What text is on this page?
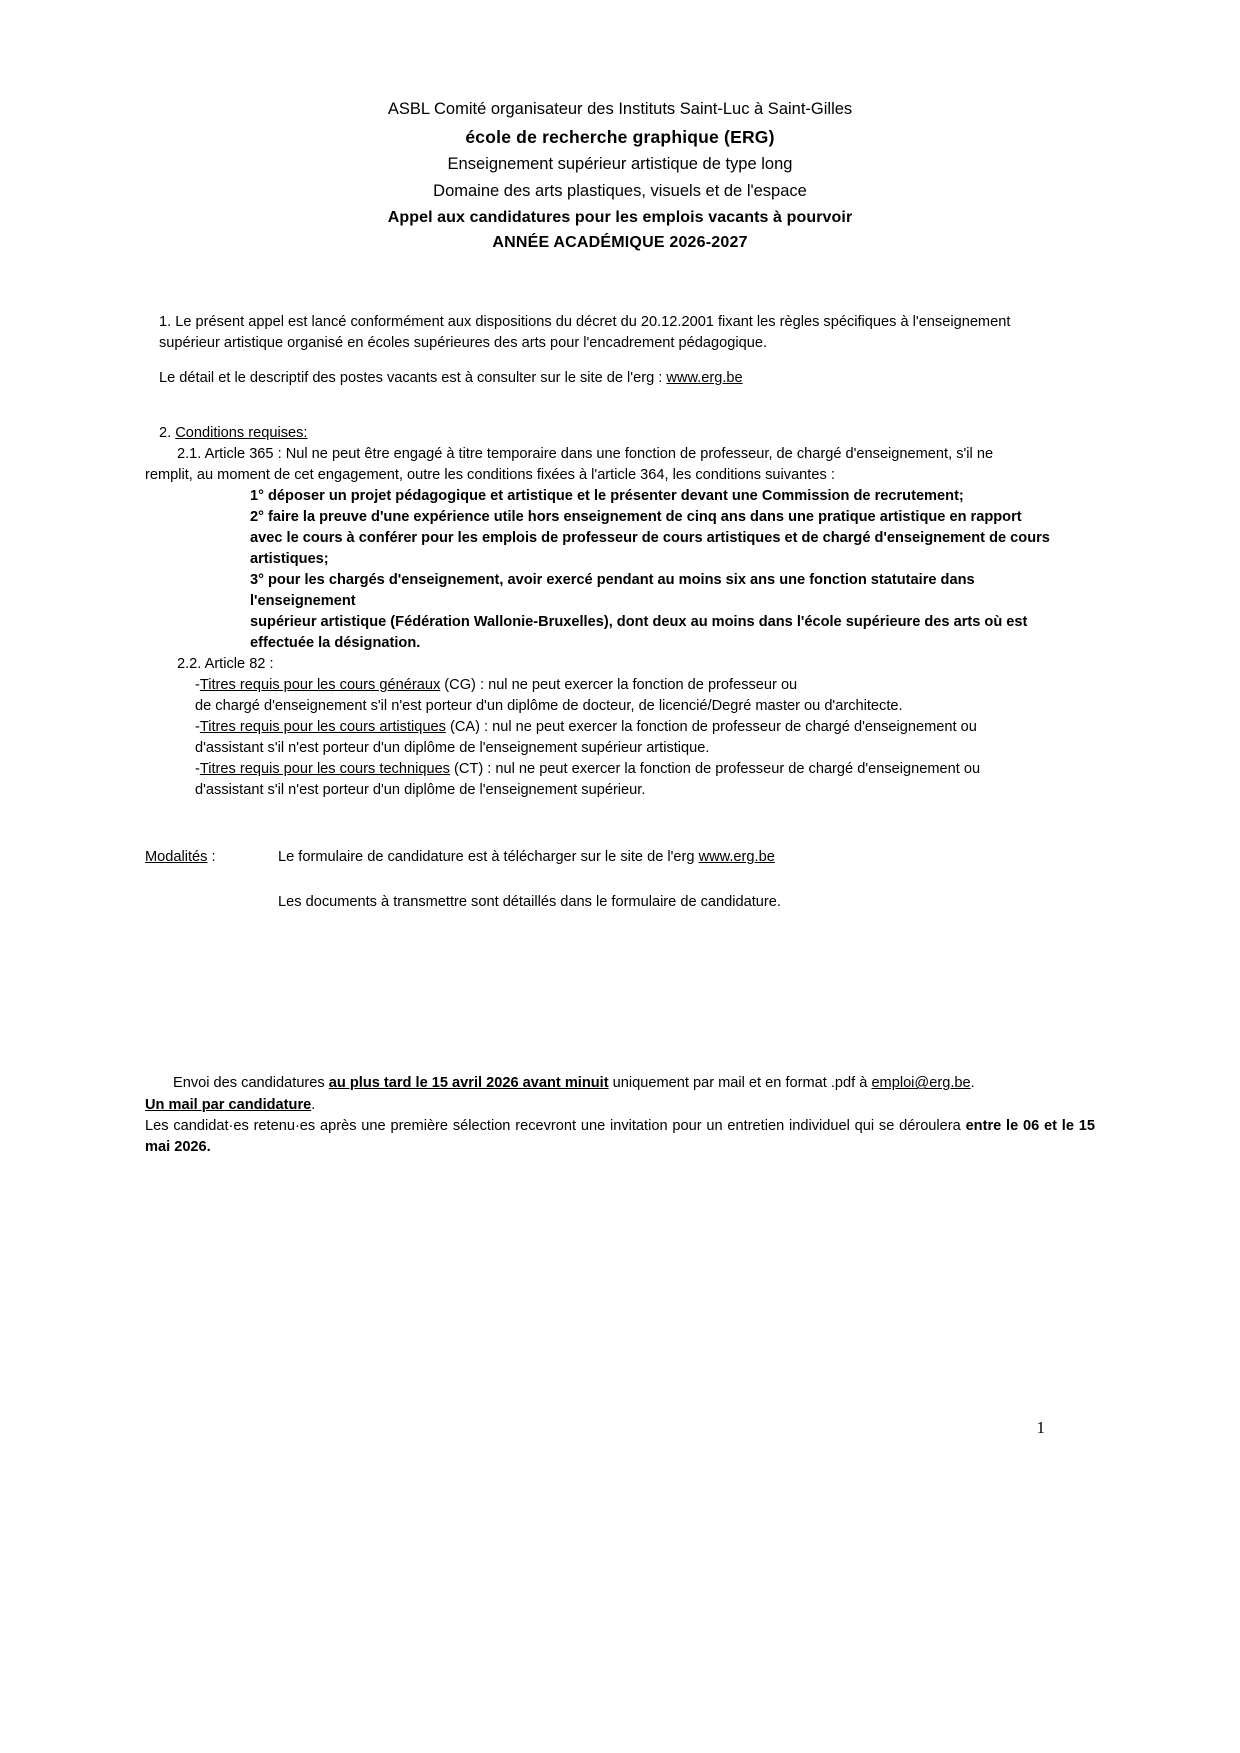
ASBL Comité organisateur des Instituts Saint-Luc à Saint-Gilles
école de recherche graphique (ERG)
Enseignement supérieur artistique de type long
Domaine des arts plastiques, visuels et de l'espace
Appel aux candidatures pour les emplois vacants à pourvoir
ANNÉE ACADÉMIQUE 2026-2027

1. Le présent appel est lancé conformément aux dispositions du décret du 20.12.2001 fixant les règles spécifiques à l'enseignement supérieur artistique organisé en écoles supérieures des arts pour l'encadrement pédagogique.

Le détail et le descriptif des postes vacants est à consulter sur le site de l'erg : www.erg.be

2. Conditions requises:

2.1. Article 365 : Nul ne peut être engagé à titre temporaire dans une fonction de professeur, de chargé d'enseignement, s'il ne

remplit, au moment de cet engagement, outre les conditions fixées à l'article 364, les conditions suivantes :

1° déposer un projet pédagogique et artistique et le présenter devant une Commission de recrutement;

2° faire la preuve d'une expérience utile hors enseignement de cinq ans dans une pratique artistique en rapport avec le cours à conférer pour les emplois de professeur de cours artistiques et de chargé d'enseignement de cours artistiques;

3° pour les chargés d'enseignement, avoir exercé pendant au moins six ans une fonction statutaire dans l'enseignement

supérieur artistique (Fédération Wallonie-Bruxelles), dont deux au moins dans l'école supérieure des arts où est effectuée la désignation.

2.2. Article 82 :

-Titres requis pour les cours généraux (CG) : nul ne peut exercer la fonction de professeur ou

de chargé d'enseignement s'il n'est porteur d'un diplôme de docteur, de licencié/Degré master ou d'architecte.

-Titres requis pour les cours artistiques (CA) : nul ne peut exercer la fonction de professeur de chargé d'enseignement ou

d'assistant s'il n'est porteur d'un diplôme de l'enseignement supérieur artistique.

-Titres requis pour les cours techniques (CT) : nul ne peut exercer la fonction de professeur de chargé d'enseignement ou

d'assistant s'il n'est porteur d'un diplôme de l'enseignement supérieur.

Modalités :	Le formulaire de candidature est à télécharger sur le site de l'erg www.erg.be
Les documents à transmettre sont détaillés dans le formulaire de candidature.

Envoi des candidatures au plus tard le 15 avril 2026 avant minuit uniquement par mail et en format .pdf à emploi@erg.be.

Un mail par candidature.

Les candidat·es retenu·es après une première sélection recevront une invitation pour un entretien individuel qui se déroulera entre le 06 et le 15 mai 2026.

1
